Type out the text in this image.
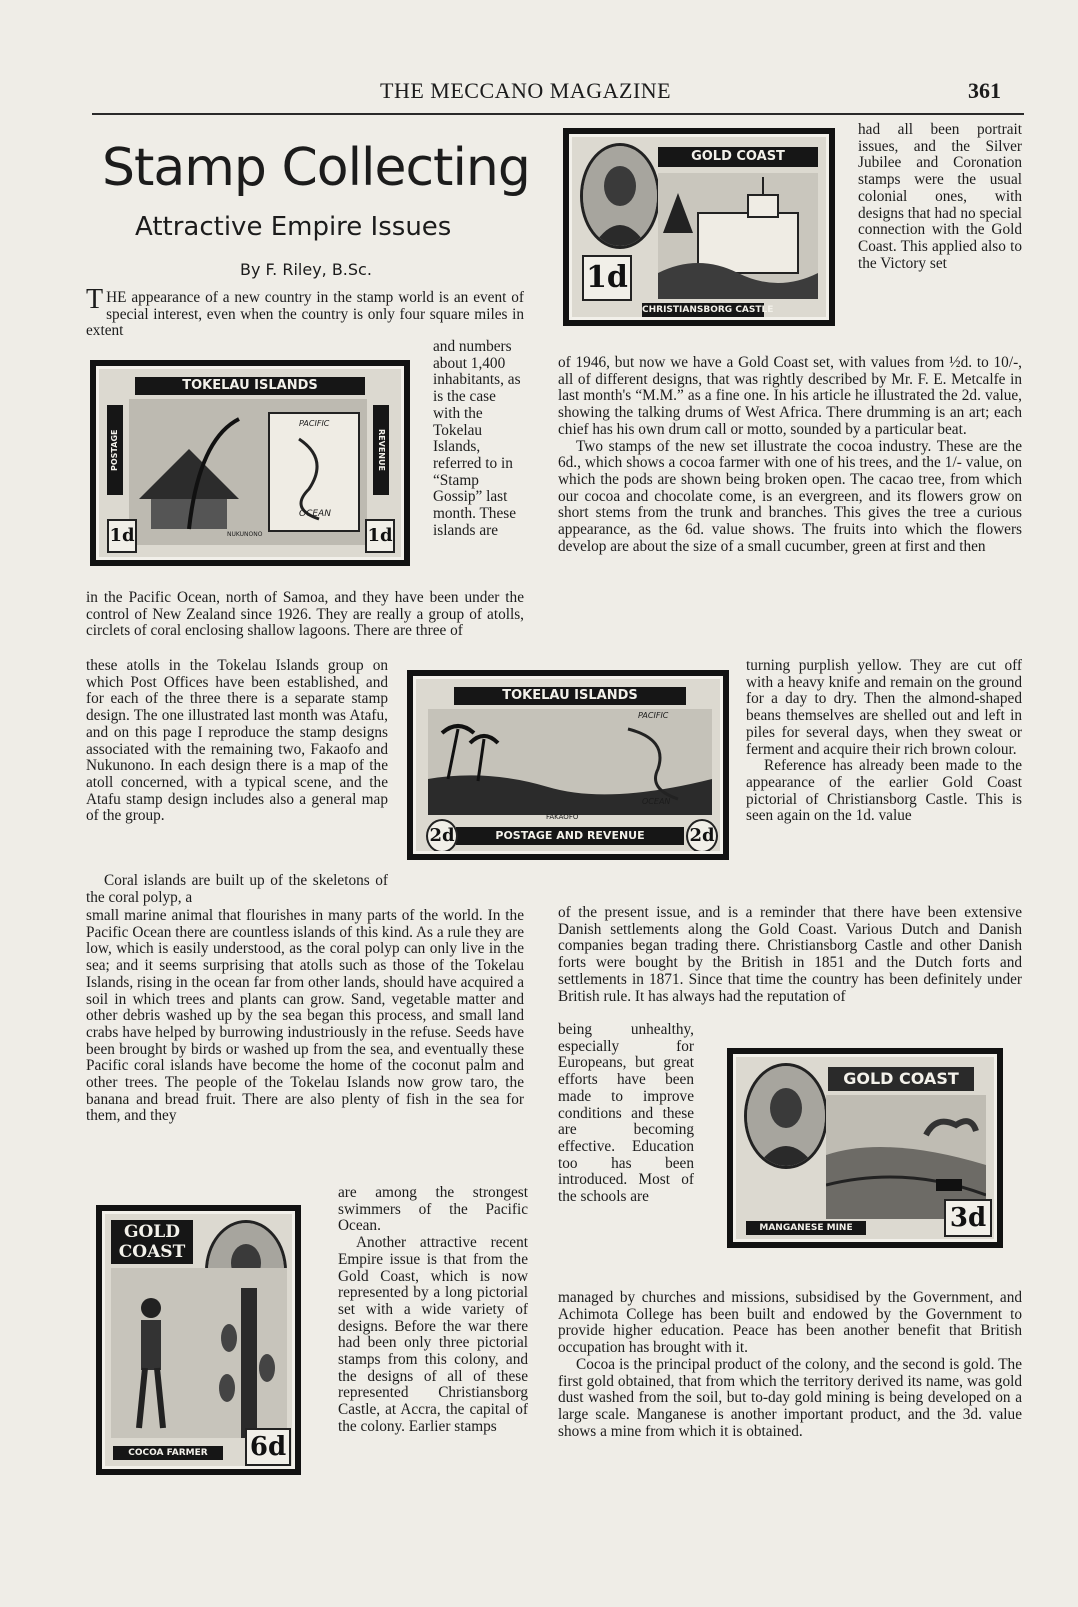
THE MECCANO MAGAZINE	361
Stamp Collecting
Attractive Empire Issues
By F. Riley, B.Sc.

THE appearance of a new country in the stamp world is an event of special interest, even when the country is only four square miles in extent

and numbers about 1,400 inhabitants, as is the case with the Tokelau Islands, referred to in “Stamp Gossip” last month. These islands are

in the Pacific Ocean, north of Samoa, and they have been under the control of New Zealand since 1926. They are really a group of atolls, circlets of coral enclosing shallow lagoons. There are three of

these atolls in the Tokelau Islands group on which Post Offices have been established, and for each of the three there is a separate stamp design. The one illustrated last month was Atafu, and on this page I reproduce the stamp designs associated with the remaining two, Fakaofo and Nukunono. In each design there is a map of the atoll concerned, with a typical scene, and the Atafu stamp design includes also a general map of the group.

Coral islands are built up of the skeletons of the coral polyp, a

small marine animal that flourishes in many parts of the world. In the Pacific Ocean there are countless islands of this kind. As a rule they are low, which is easily understood, as the coral polyp can only live in the sea; and it seems surprising that atolls such as those of the Tokelau Islands, rising in the ocean far from other lands, should have acquired a soil in which trees and plants can grow. Sand, vegetable matter and other debris washed up by the sea began this process, and small land crabs have helped by burrowing industriously in the refuse. Seeds have been brought by birds or washed up from the sea, and eventually these Pacific coral islands have become the home of the coconut palm and other trees. The people of the Tokelau Islands now grow taro, the banana and bread fruit. There are also plenty of fish in the sea for them, and they

are among the strongest swimmers of the Pacific Ocean.

Another attractive recent Empire issue is that from the Gold Coast, which is now represented by a long pictorial set with a wide variety of designs. Before the war there had been only three pictorial stamps from this colony, and the designs of all of these represented Christiansborg Castle, at Accra, the capital of the colony. Earlier stamps

had all been portrait issues, and the Silver Jubilee and Coronation stamps were the usual colonial ones, with designs that had no special connection with the Gold Coast. This applied also to the Victory set

of 1946, but now we have a Gold Coast set, with values from ½d. to 10/-, all of different designs, that was rightly described by Mr. F. E. Metcalfe in last month's “M.M.” as a fine one. In his article he illustrated the 2d. value, showing the talking drums of West Africa. There drumming is an art; each chief has his own drum call or motto, sounded by a particular beat.

Two stamps of the new set illustrate the cocoa industry. These are the 6d., which shows a cocoa farmer with one of his trees, and the 1/- value, on which the pods are shown being broken open. The cacao tree, from which our cocoa and chocolate come, is an evergreen, and its flowers grow on short stems from the trunk and branches. This gives the tree a curious appearance, as the 6d. value shows. The fruits into which the flowers develop are about the size of a small cucumber, green at first and then

turning purplish yellow. They are cut off with a heavy knife and remain on the ground for a day to dry. Then the almond-shaped beans themselves are shelled out and left in piles for several days, when they sweat or ferment and acquire their rich brown colour.

Reference has already been made to the appearance of the earlier Gold Coast pictorial of Christiansborg Castle. This is seen again on the 1d. value

of the present issue, and is a reminder that there have been extensive Danish settlements along the Gold Coast. Various Dutch and Danish companies began trading there. Christiansborg Castle and other Danish forts were bought by the British in 1851 and the Dutch forts and settlements in 1871. Since that time the country has been definitely under British rule. It has always had the reputation of

being unhealthy, especially for Europeans, but great efforts have been made to improve conditions and these are becoming effective. Education too has been introduced. Most of the schools are

managed by churches and missions, subsidised by the Government, and Achimota College has been built and endowed by the Government to provide higher education. Peace has been another benefit that British occupation has brought with it.

Cocoa is the principal product of the colony, and the second is gold. The first gold obtained, that from which the territory derived its name, was gold dust washed from the soil, but to-day gold mining is being developed on a large scale. Manganese is another important product, and the 3d. value shows a mine from which it is obtained.

GOLD COAST
1d
CHRISTIANSBORG CASTLE
TOKELAU ISLANDS
POSTAGE	REVENUE
1d	1d
PACIFIC
OCEAN
NUKUNONO
TOKELAU ISLANDS
POSTAGE AND REVENUE
2d	2d
PACIFIC
OCEAN
FAKAOFO
GOLD COAST
MANGANESE MINE	3d
GOLD
COAST
COCOA FARMER	6d
